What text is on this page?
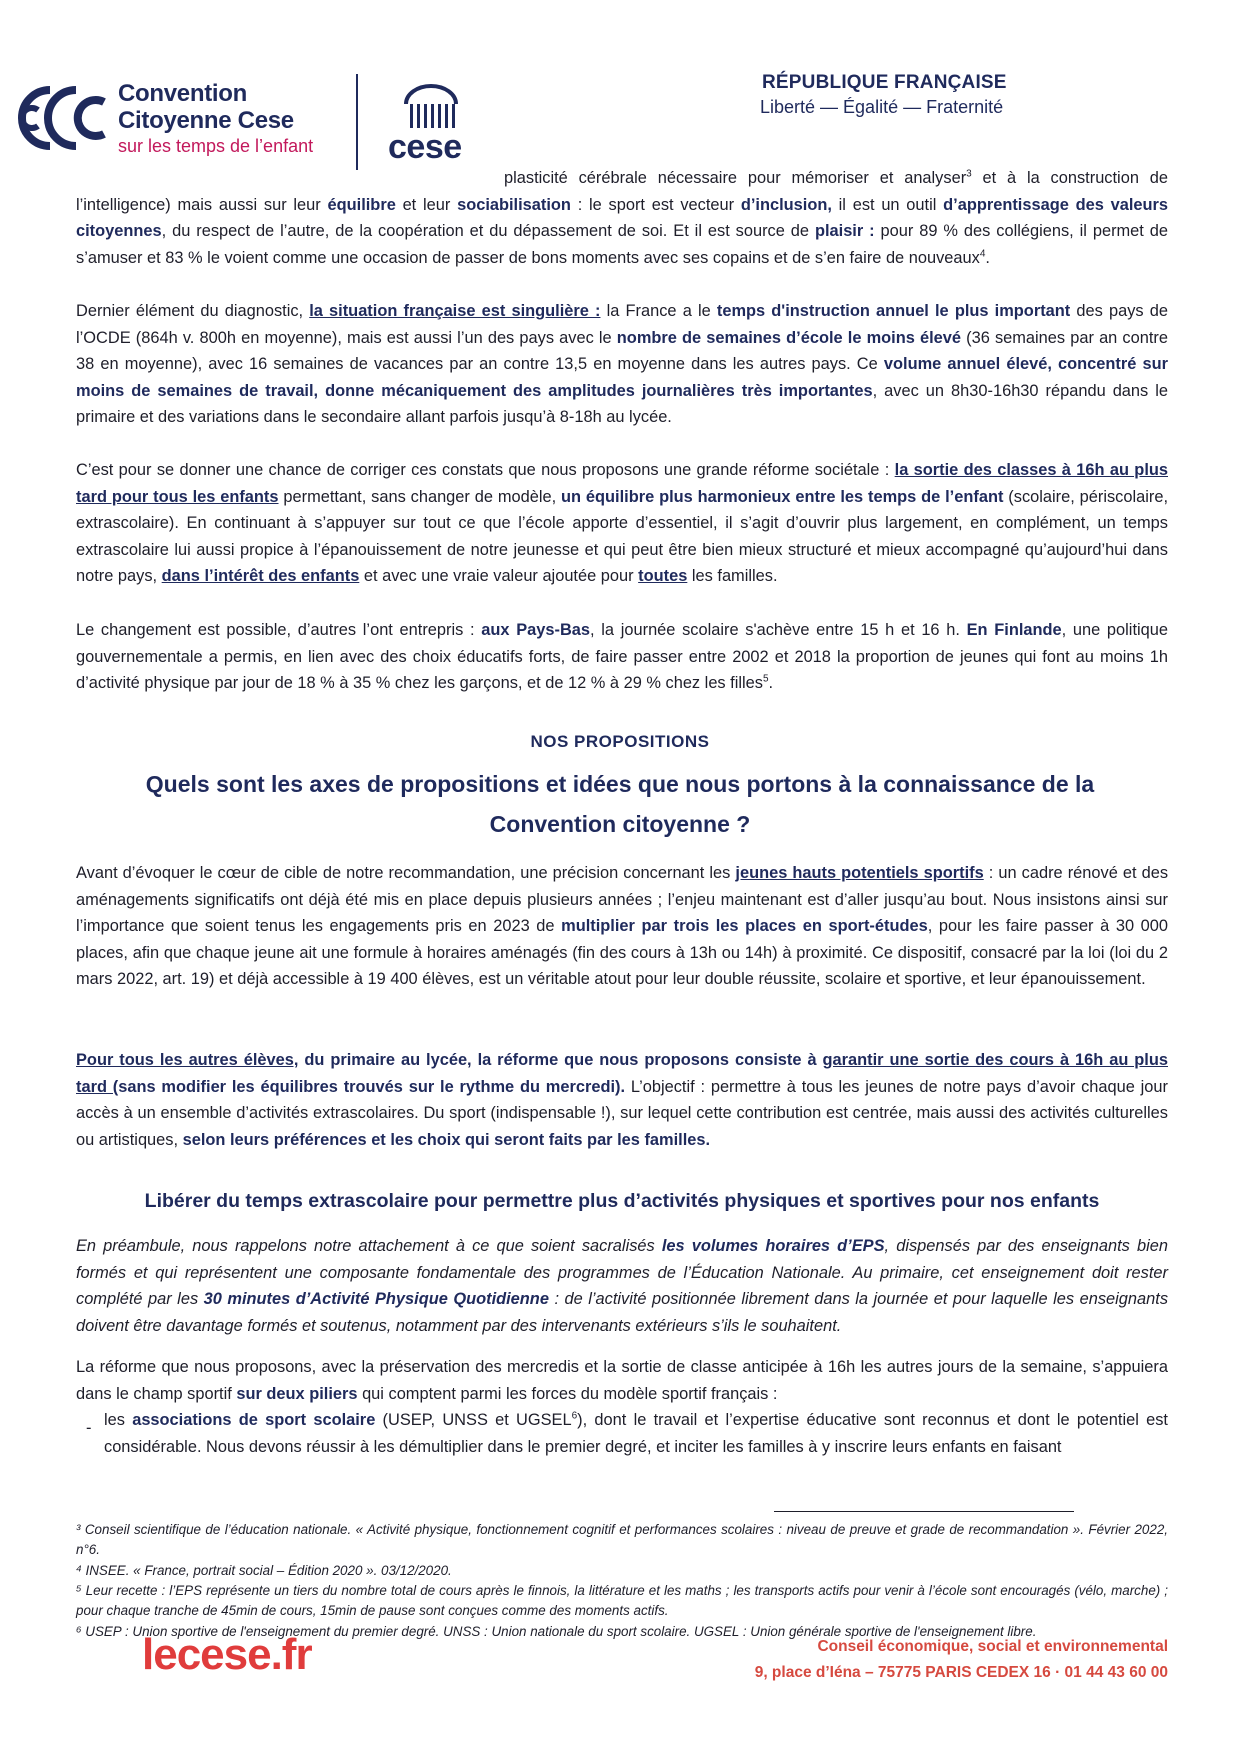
Convention
Citoyenne Cese
sur les temps de l’enfant cese
RÉPUBLIQUE FRANÇAISE
Liberté — Égalité — Fraternité
plasticité cérébrale nécessaire pour mémoriser et analyser$^3$ et à la construction de l’intelligence) mais aussi sur leur équilibre et leur sociabilisation : le sport est vecteur d’inclusion, il est un outil d’apprentissage des valeurs citoyennes, du respect de l’autre, de la coopération et du dépassement de soi. Et il est source de plaisir : pour 89 % des collégiens, il permet de s’amuser et 83 % le voient comme une occasion de passer de bons moments avec ses copains et de s’en faire de nouveaux$^4$.
Dernier élément du diagnostic, la situation française est singulière : la France a le temps d'instruction annuel le plus important des pays de l’OCDE (864h v. 800h en moyenne), mais est aussi l’un des pays avec le nombre de semaines d’école le moins élevé (36 semaines par an contre 38 en moyenne), avec 16 semaines de vacances par an contre 13,5 en moyenne dans les autres pays. Ce volume annuel élevé, concentré sur moins de semaines de travail, donne mécaniquement des amplitudes journalières très importantes, avec un 8h30-16h30 répandu dans le primaire et des variations dans le secondaire allant parfois jusqu’à 8-18h au lycée.
C’est pour se donner une chance de corriger ces constats que nous proposons une grande réforme sociétale : la sortie des classes à 16h au plus tard pour tous les enfants permettant, sans changer de modèle, un équilibre plus harmonieux entre les temps de l’enfant (scolaire, périscolaire, extrascolaire). En continuant à s’appuyer sur tout ce que l’école apporte d’essentiel, il s’agit d’ouvrir plus largement, en complément, un temps extrascolaire lui aussi propice à l’épanouissement de notre jeunesse et qui peut être bien mieux structuré et mieux accompagné qu’aujourd’hui dans notre pays, dans l’intérêt des enfants et avec une vraie valeur ajoutée pour toutes les familles.
Le changement est possible, d’autres l’ont entrepris : aux Pays-Bas, la journée scolaire s'achève entre 15 h et 16 h. En Finlande, une politique gouvernementale a permis, en lien avec des choix éducatifs forts, de faire passer entre 2002 et 2018 la proportion de jeunes qui font au moins 1h d’activité physique par jour de 18 % à 35 % chez les garçons, et de 12 % à 29 % chez les filles$^5$.
NOS PROPOSITIONS
Quels sont les axes de propositions et idées que nous portons à la connaissance de la Convention citoyenne ?
Avant d’évoquer le cœur de cible de notre recommandation, une précision concernant les jeunes hauts potentiels sportifs : un cadre rénové et des aménagements significatifs ont déjà été mis en place depuis plusieurs années ; l’enjeu maintenant est d’aller jusqu’au bout. Nous insistons ainsi sur l’importance que soient tenus les engagements pris en 2023 de multiplier par trois les places en sport-études, pour les faire passer à 30 000 places, afin que chaque jeune ait une formule à horaires aménagés (fin des cours à 13h ou 14h) à proximité. Ce dispositif, consacré par la loi (loi du 2 mars 2022, art. 19) et déjà accessible à 19 400 élèves, est un véritable atout pour leur double réussite, scolaire et sportive, et leur épanouissement.
Pour tous les autres élèves, du primaire au lycée, la réforme que nous proposons consiste à garantir une sortie des cours à 16h au plus tard (sans modifier les équilibres trouvés sur le rythme du mercredi). L’objectif : permettre à tous les jeunes de notre pays d’avoir chaque jour accès à un ensemble d’activités extrascolaires. Du sport (indispensable !), sur lequel cette contribution est centrée, mais aussi des activités culturelles ou artistiques, selon leurs préférences et les choix qui seront faits par les familles.
Libérer du temps extrascolaire pour permettre plus d’activités physiques et sportives pour nos enfants
En préambule, nous rappelons notre attachement à ce que soient sacralisés les volumes horaires d’EPS, dispensés par des enseignants bien formés et qui représentent une composante fondamentale des programmes de l’Éducation Nationale. Au primaire, cet enseignement doit rester complété par les 30 minutes d’Activité Physique Quotidienne : de l’activité positionnée librement dans la journée et pour laquelle les enseignants doivent être davantage formés et soutenus, notamment par des intervenants extérieurs s’ils le souhaitent.
La réforme que nous proposons, avec la préservation des mercredis et la sortie de classe anticipée à 16h les autres jours de la semaine, s’appuiera dans le champ sportif sur deux piliers qui comptent parmi les forces du modèle sportif français :
- les associations de sport scolaire (USEP, UNSS et UGSEL$^6$), dont le travail et l’expertise éducative sont reconnus et dont le potentiel est considérable. Nous devons réussir à les démultiplier dans le premier degré, et inciter les familles à y inscrire leurs enfants en faisant
³ Conseil scientifique de l’éducation nationale. « Activité physique, fonctionnement cognitif et performances scolaires : niveau de preuve et grade de recommandation ». Février 2022, n°6.
⁴ INSEE. « France, portrait social – Édition 2020 ». 03/12/2020.
⁵ Leur recette : l’EPS représente un tiers du nombre total de cours après le finnois, la littérature et les maths ; les transports actifs pour venir à l’école sont encouragés (vélo, marche) ; pour chaque tranche de 45min de cours, 15min de pause sont conçues comme des moments actifs.
⁶ USEP : Union sportive de l'enseignement du premier degré. UNSS : Union nationale du sport scolaire. UGSEL : Union générale sportive de l'enseignement libre.
lecese.fr	Conseil économique, social et environnemental
9, place d’Iéna – 75775 PARIS CEDEX 16 · 01 44 43 60 00
